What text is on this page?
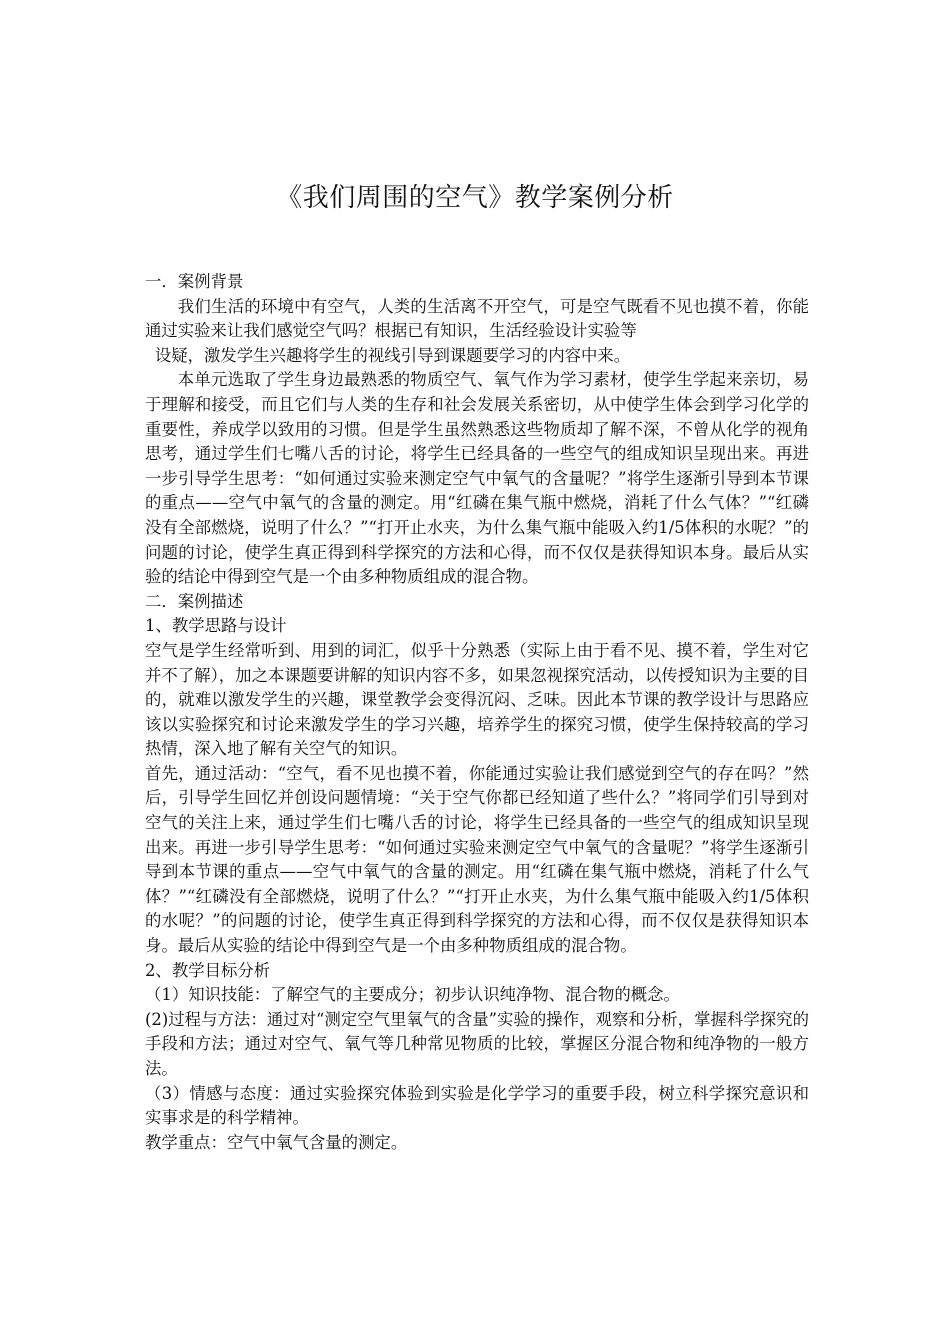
《我们周围的空气》教学案例分析

一．案例背景

我们生活的环境中有空气，人类的生活离不开空气，可是空气既看不见也摸不着，你能通过实验来让我们感觉空气吗？根据已有知识，生活经验设计实验等

设疑，激发学生兴趣将学生的视线引导到课题要学习的内容中来。

本单元选取了学生身边最熟悉的物质空气、氧气作为学习素材，使学生学起来亲切，易于理解和接受，而且它们与人类的生存和社会发展关系密切，从中使学生体会到学习化学的重要性，养成学以致用的习惯。但是学生虽然熟悉这些物质却了解不深，不曾从化学的视角思考，通过学生们七嘴八舌的讨论，将学生已经具备的一些空气的组成知识呈现出来。再进一步引导学生思考：“如何通过实验来测定空气中氧气的含量呢？”将学生逐渐引导到本节课的重点——空气中氧气的含量的测定。用“红磷在集气瓶中燃烧，消耗了什么气体？”“红磷没有全部燃烧，说明了什么？”“打开止水夹，为什么集气瓶中能吸入约1/5体积的水呢？”的问题的讨论，使学生真正得到科学探究的方法和心得，而不仅仅是获得知识本身。最后从实验的结论中得到空气是一个由多种物质组成的混合物。

二．案例描述

1、教学思路与设计

空气是学生经常听到、用到的词汇，似乎十分熟悉（实际上由于看不见、摸不着，学生对它并不了解），加之本课题要讲解的知识内容不多，如果忽视探究活动，以传授知识为主要的目的，就难以激发学生的兴趣，课堂教学会变得沉闷、乏味。因此本节课的教学设计与思路应该以实验探究和讨论来激发学生的学习兴趣，培养学生的探究习惯，使学生保持较高的学习热情，深入地了解有关空气的知识。

首先，通过活动：“空气，看不见也摸不着，你能通过实验让我们感觉到空气的存在吗？”然后，引导学生回忆并创设问题情境：“关于空气你都已经知道了些什么？”将同学们引导到对空气的关注上来，通过学生们七嘴八舌的讨论，将学生已经具备的一些空气的组成知识呈现出来。再进一步引导学生思考：“如何通过实验来测定空气中氧气的含量呢？”将学生逐渐引导到本节课的重点——空气中氧气的含量的测定。用“红磷在集气瓶中燃烧，消耗了什么气体？”“红磷没有全部燃烧，说明了什么？”“打开止水夹，为什么集气瓶中能吸入约1/5体积的水呢？”的问题的讨论，使学生真正得到科学探究的方法和心得，而不仅仅是获得知识本身。最后从实验的结论中得到空气是一个由多种物质组成的混合物。

2、教学目标分析

（1）知识技能：了解空气的主要成分；初步认识纯净物、混合物的概念。

(2)过程与方法：通过对“测定空气里氧气的含量”实验的操作，观察和分析，掌握科学探究的手段和方法；通过对空气、氧气等几种常见物质的比较，掌握区分混合物和纯净物的一般方法。

（3）情感与态度：通过实验探究体验到实验是化学学习的重要手段，树立科学探究意识和实事求是的科学精神。

教学重点：空气中氧气含量的测定。
